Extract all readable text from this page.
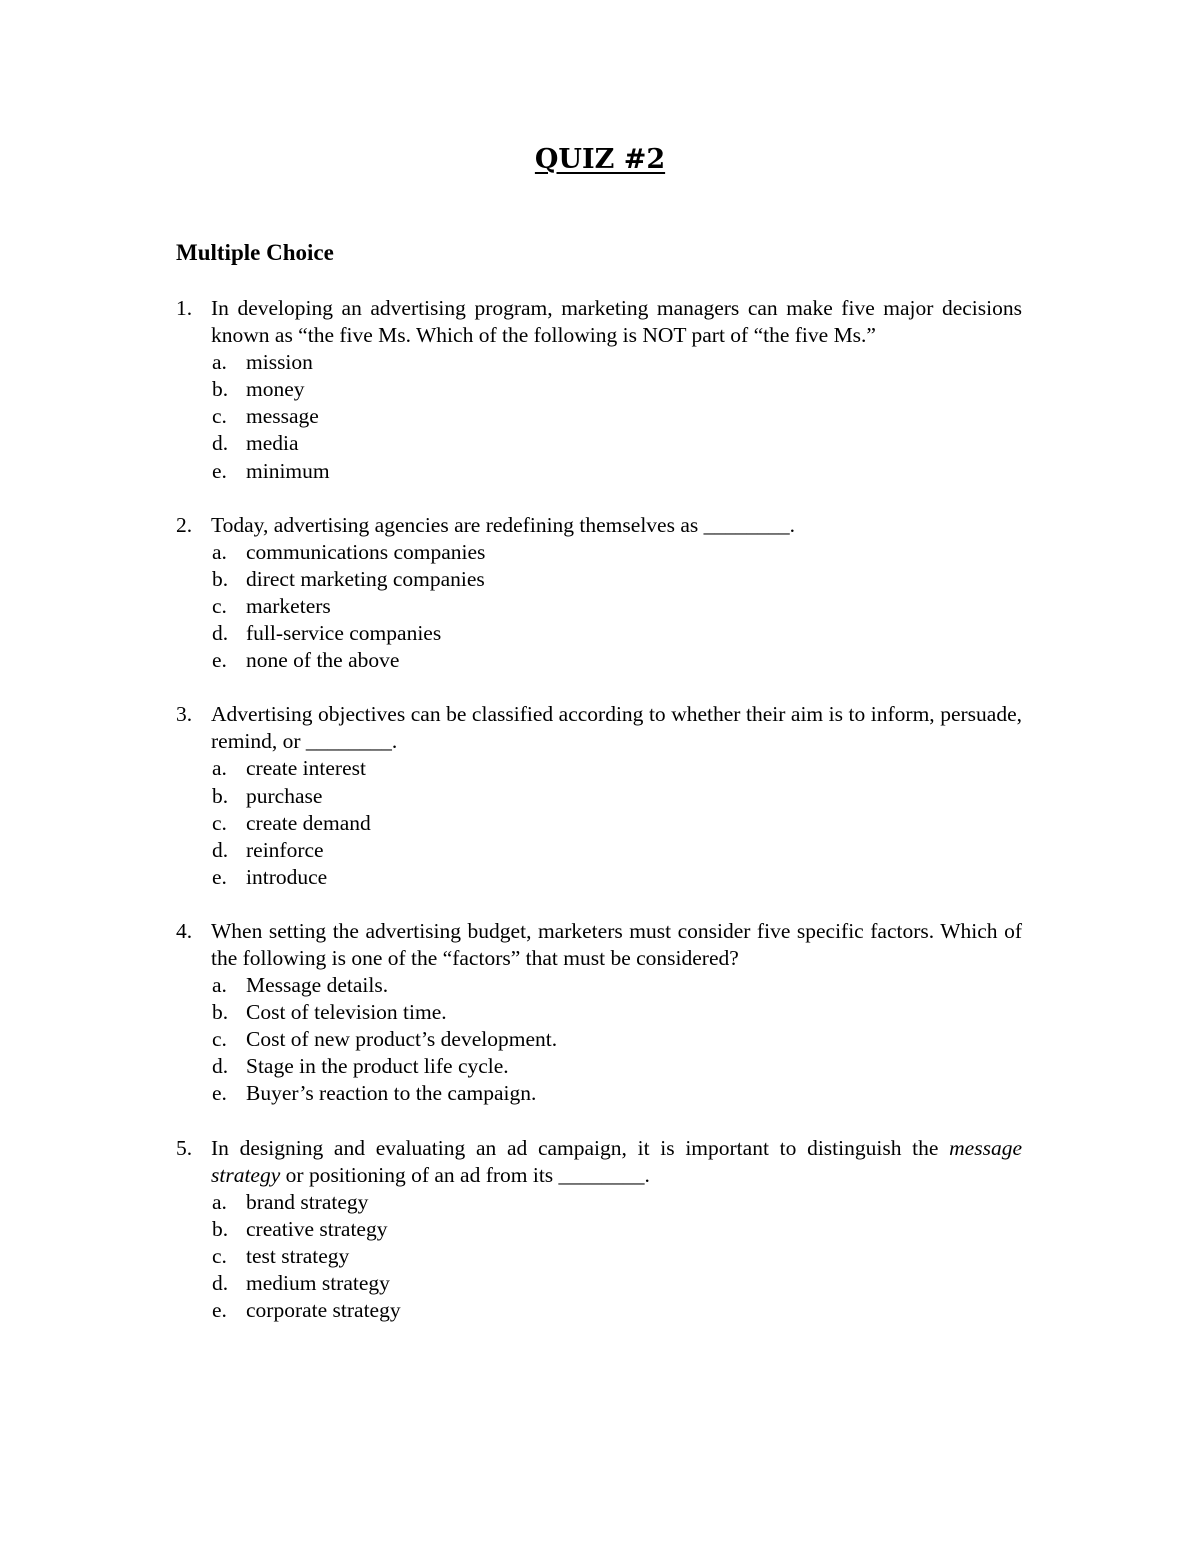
QUIZ #2
Multiple Choice
1. In developing an advertising program, marketing managers can make five major decisions known as “the five Ms. Which of the following is NOT part of “the five Ms.”
a. mission
b. money
c. message
d. media
e. minimum
2. Today, advertising agencies are redefining themselves as ________.
a. communications companies
b. direct marketing companies
c. marketers
d. full-service companies
e. none of the above
3. Advertising objectives can be classified according to whether their aim is to inform, persuade, remind, or ________.
a. create interest
b. purchase
c. create demand
d. reinforce
e. introduce
4. When setting the advertising budget, marketers must consider five specific factors. Which of the following is one of the “factors” that must be considered?
a. Message details.
b. Cost of television time.
c. Cost of new product’s development.
d. Stage in the product life cycle.
e. Buyer’s reaction to the campaign.
5. In designing and evaluating an ad campaign, it is important to distinguish the message strategy or positioning of an ad from its ________.
a. brand strategy
b. creative strategy
c. test strategy
d. medium strategy
e. corporate strategy
